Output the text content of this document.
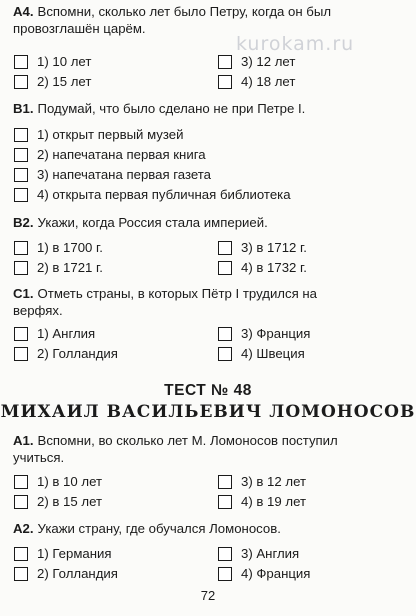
kurokam.ru
А4. Вспомни, сколько лет было Петру, когда он был
провозглашён царём.
1) 10 лет
2) 15 лет
3) 12 лет
4) 18 лет
В1. Подумай, что было сделано не при Петре I.
1) открыт первый музей
2) напечатана первая книга
3) напечатана первая газета
4) открыта первая публичная библиотека
В2. Укажи, когда Россия стала империей.
1) в 1700 г.
2) в 1721 г.
3) в 1712 г.
4) в 1732 г.
С1. Отметь страны, в которых Пётр I трудился на
верфях.
1) Англия
2) Голландия
3) Франция
4) Швеция
ТЕСТ № 48
МИХАИЛ ВАСИЛЬЕВИЧ ЛОМОНОСОВ
А1. Вспомни, во сколько лет М. Ломоносов поступил
учиться.
1) в 10 лет
2) в 15 лет
3) в 12 лет
4) в 19 лет
А2. Укажи страну, где обучался Ломоносов.
1) Германия
2) Голландия
3) Англия
4) Франция
72
